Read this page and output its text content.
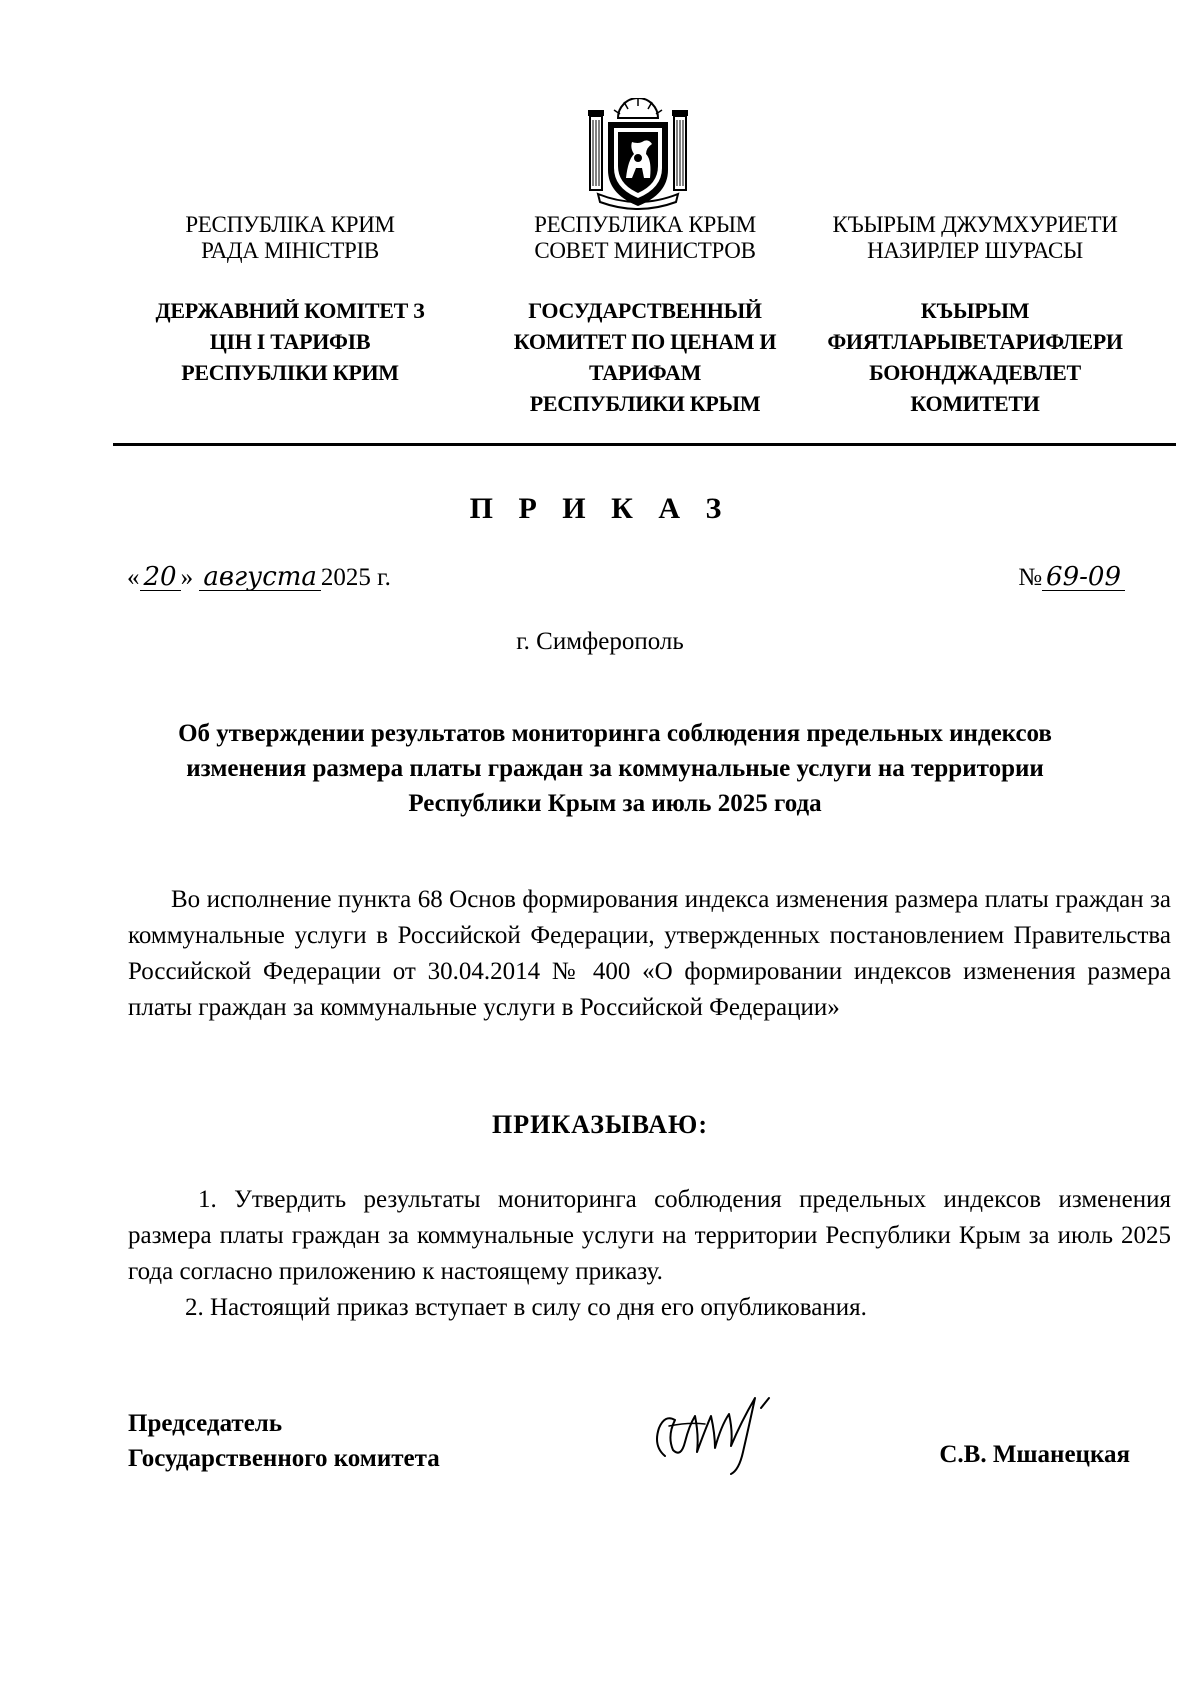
РЕСПУБЛІКА КРИМ
РАДА МІНІСТРІВ
ДЕРЖАВНИЙ КОМІТЕТ З
ЦІН І ТАРИФІВ
РЕСПУБЛІКИ КРИМ
РЕСПУБЛИКА КРЫМ
СОВЕТ МИНИСТРОВ
ГОСУДАРСТВЕННЫЙ
КОМИТЕТ ПО ЦЕНАМ И
ТАРИФАМ
РЕСПУБЛИКИ КРЫМ
КЪЫРЫМ ДЖУМХУРИЕТИ
НАЗИРЛЕР ШУРАСЫ
КЪЫРЫМ
ФИЯТЛАРЫВЕТАРИФЛЕРИ
БОЮНДЖАДЕВЛЕТ
КОМИТЕТИ
П Р И К А З
« 20 » августа 2025 г.	№ 69-09
г. Симферополь
Об утверждении результатов мониторинга соблюдения предельных индексов изменения размера платы граждан за коммунальные услуги на территории Республики Крым за июль 2025 года
Во исполнение пункта 68 Основ формирования индекса изменения размера платы граждан за коммунальные услуги в Российской Федерации, утвержденных постановлением Правительства Российской Федерации от 30.04.2014 № 400 «О формировании индексов изменения размера платы граждан за коммунальные услуги в Российской Федерации»
ПРИКАЗЫВАЮ:
1. Утвердить результаты мониторинга соблюдения предельных индексов изменения размера платы граждан за коммунальные услуги на территории Республики Крым за июль 2025 года согласно приложению к настоящему приказу.
2. Настоящий приказ вступает в силу со дня его опубликования.
Председатель
Государственного комитета	С.В. Мшанецкая
